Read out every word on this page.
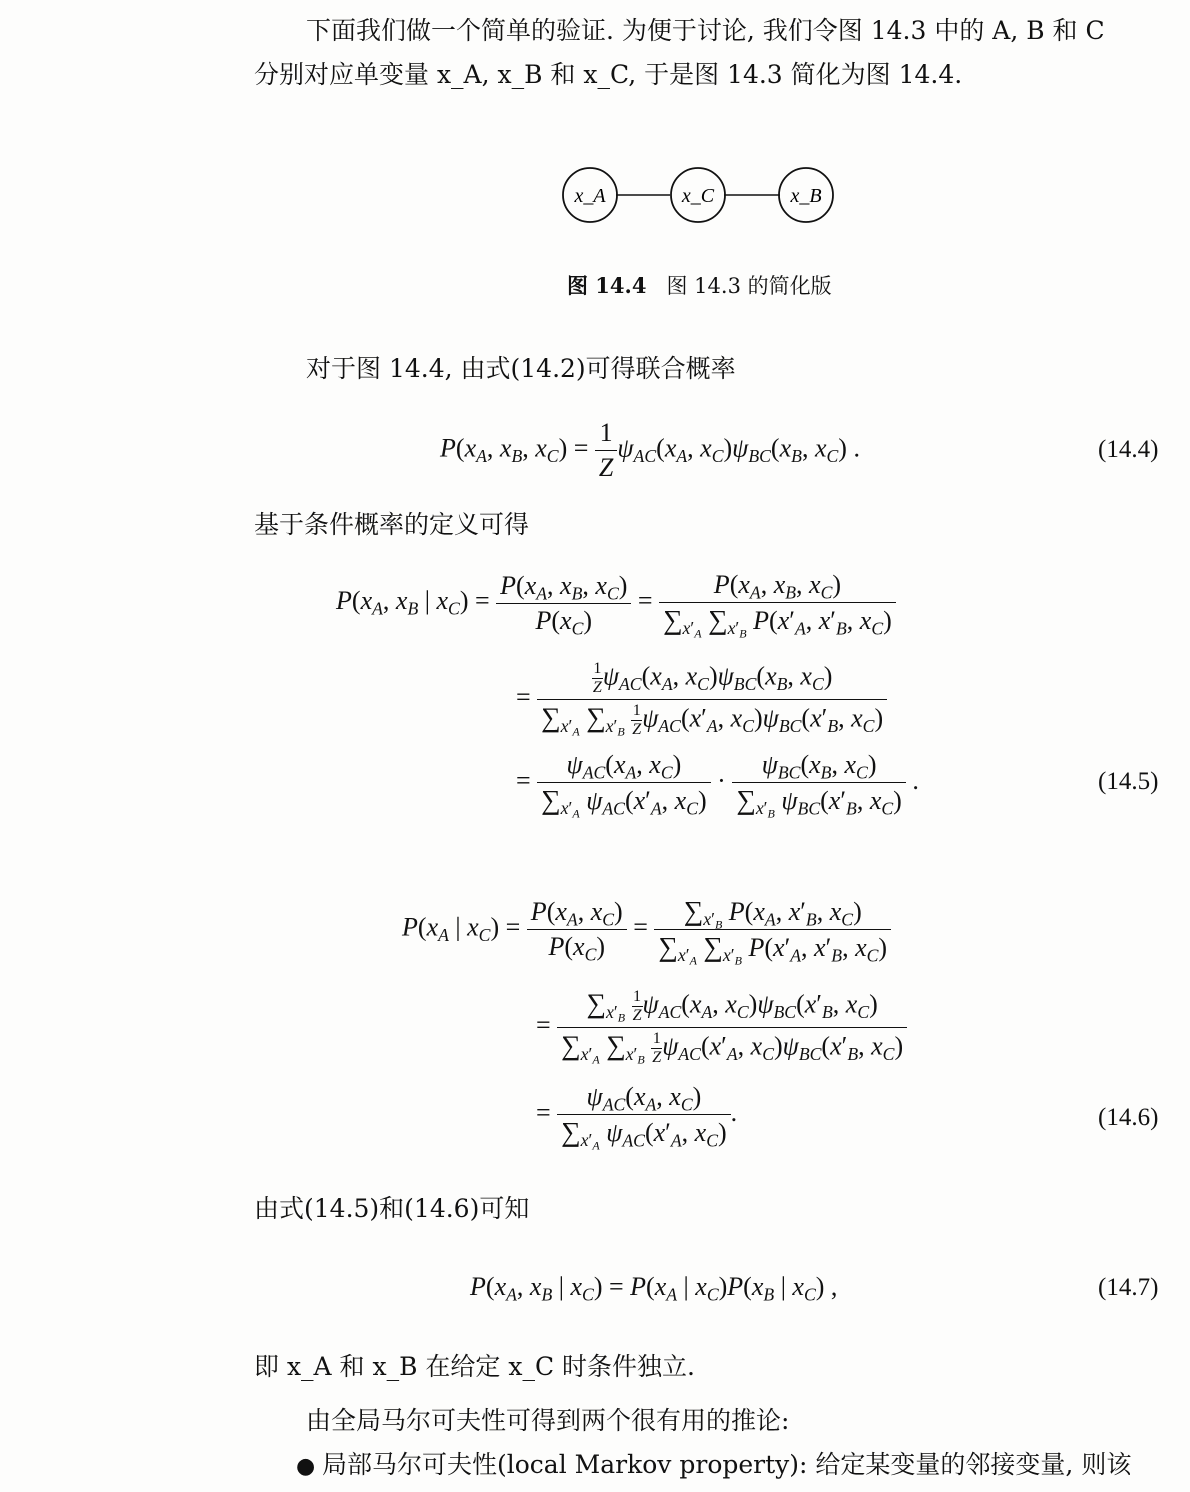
下面我们做一个简单的验证. 为便于讨论, 我们令图 14.3 中的 A, B 和 C
分别对应单变量 x_A, x_B 和 x_C, 于是图 14.3 简化为图 14.4.
x_A	x_C	x_B
图 14.4 图 14.3 的简化版
对于图 14.4, 由式(14.2)可得联合概率
$P(x_A$, $x_B$, $x_C) = \frac{1}{Z} \psi_{AC}(x_A$, $x_C)\psi_{BC}(x_B$, $x_C$) .	(14.4)
基于条件概率的定义可得
$P(x_A$, $x_B$ | $x_C) = \frac{P(x_A, x_B, x_C)}{P(x_C)} = \frac{P(x_A, x_B, x_C)}{\sum_{x'_A} \sum_{x'_B} P(x'_A, x'_B, x_C)}$
= $\frac{\frac{1}{Z} \psi_{AC}(x_A, x_C)\psi_{BC}(x_B, x_C)}{\sum_{x'_A} \sum_{x'_B} \frac{1}{Z} \psi_{AC}(x'_A, x_C)\psi_{BC}(x'_B, x_C)}$
= $\frac{\psi_{AC}(x_A, x_C)}{\sum_{x'_A} \psi_{AC}(x'_A, x_C)} \cdot \frac{\psi_{BC}(x_B, x_C)}{\sum_{x'_B} \psi_{BC}(x'_B, x_C)}$ .	(14.5)
$P(x_A$ | $x_C) = \frac{P(x_A, x_C)}{P(x_C)} = \frac{\sum_{x'_B} P(x_A, x'_B, x_C)}{\sum_{x'_A} \sum_{x'_B} P(x'_A, x'_B, x_C)}$
= $\frac{\sum_{x'_B} \frac{1}{Z} \psi_{AC}(x_A, x_C)\psi_{BC}(x'_B, x_C)}{\sum_{x'_A} \sum_{x'_B} \frac{1}{Z} \psi_{AC}(x'_A, x_C)\psi_{BC}(x'_B, x_C)}$
= $\frac{\psi_{AC}(x_A, x_C)}{\sum_{x'_A} \psi_{AC}(x'_A, x_C)}$ .	(14.6)
由式(14.5)和(14.6)可知
$P(x_A$, $x_B$ | $x_C) = P(x_A$ | $x_C)P(x_B$ | $x_C$) ,	(14.7)
即 x_A 和 x_B 在给定 x_C 时条件独立.
由全局马尔可夫性可得到两个很有用的推论:
● 局部马尔可夫性(local Markov property): 给定某变量的邻接变量, 则该
